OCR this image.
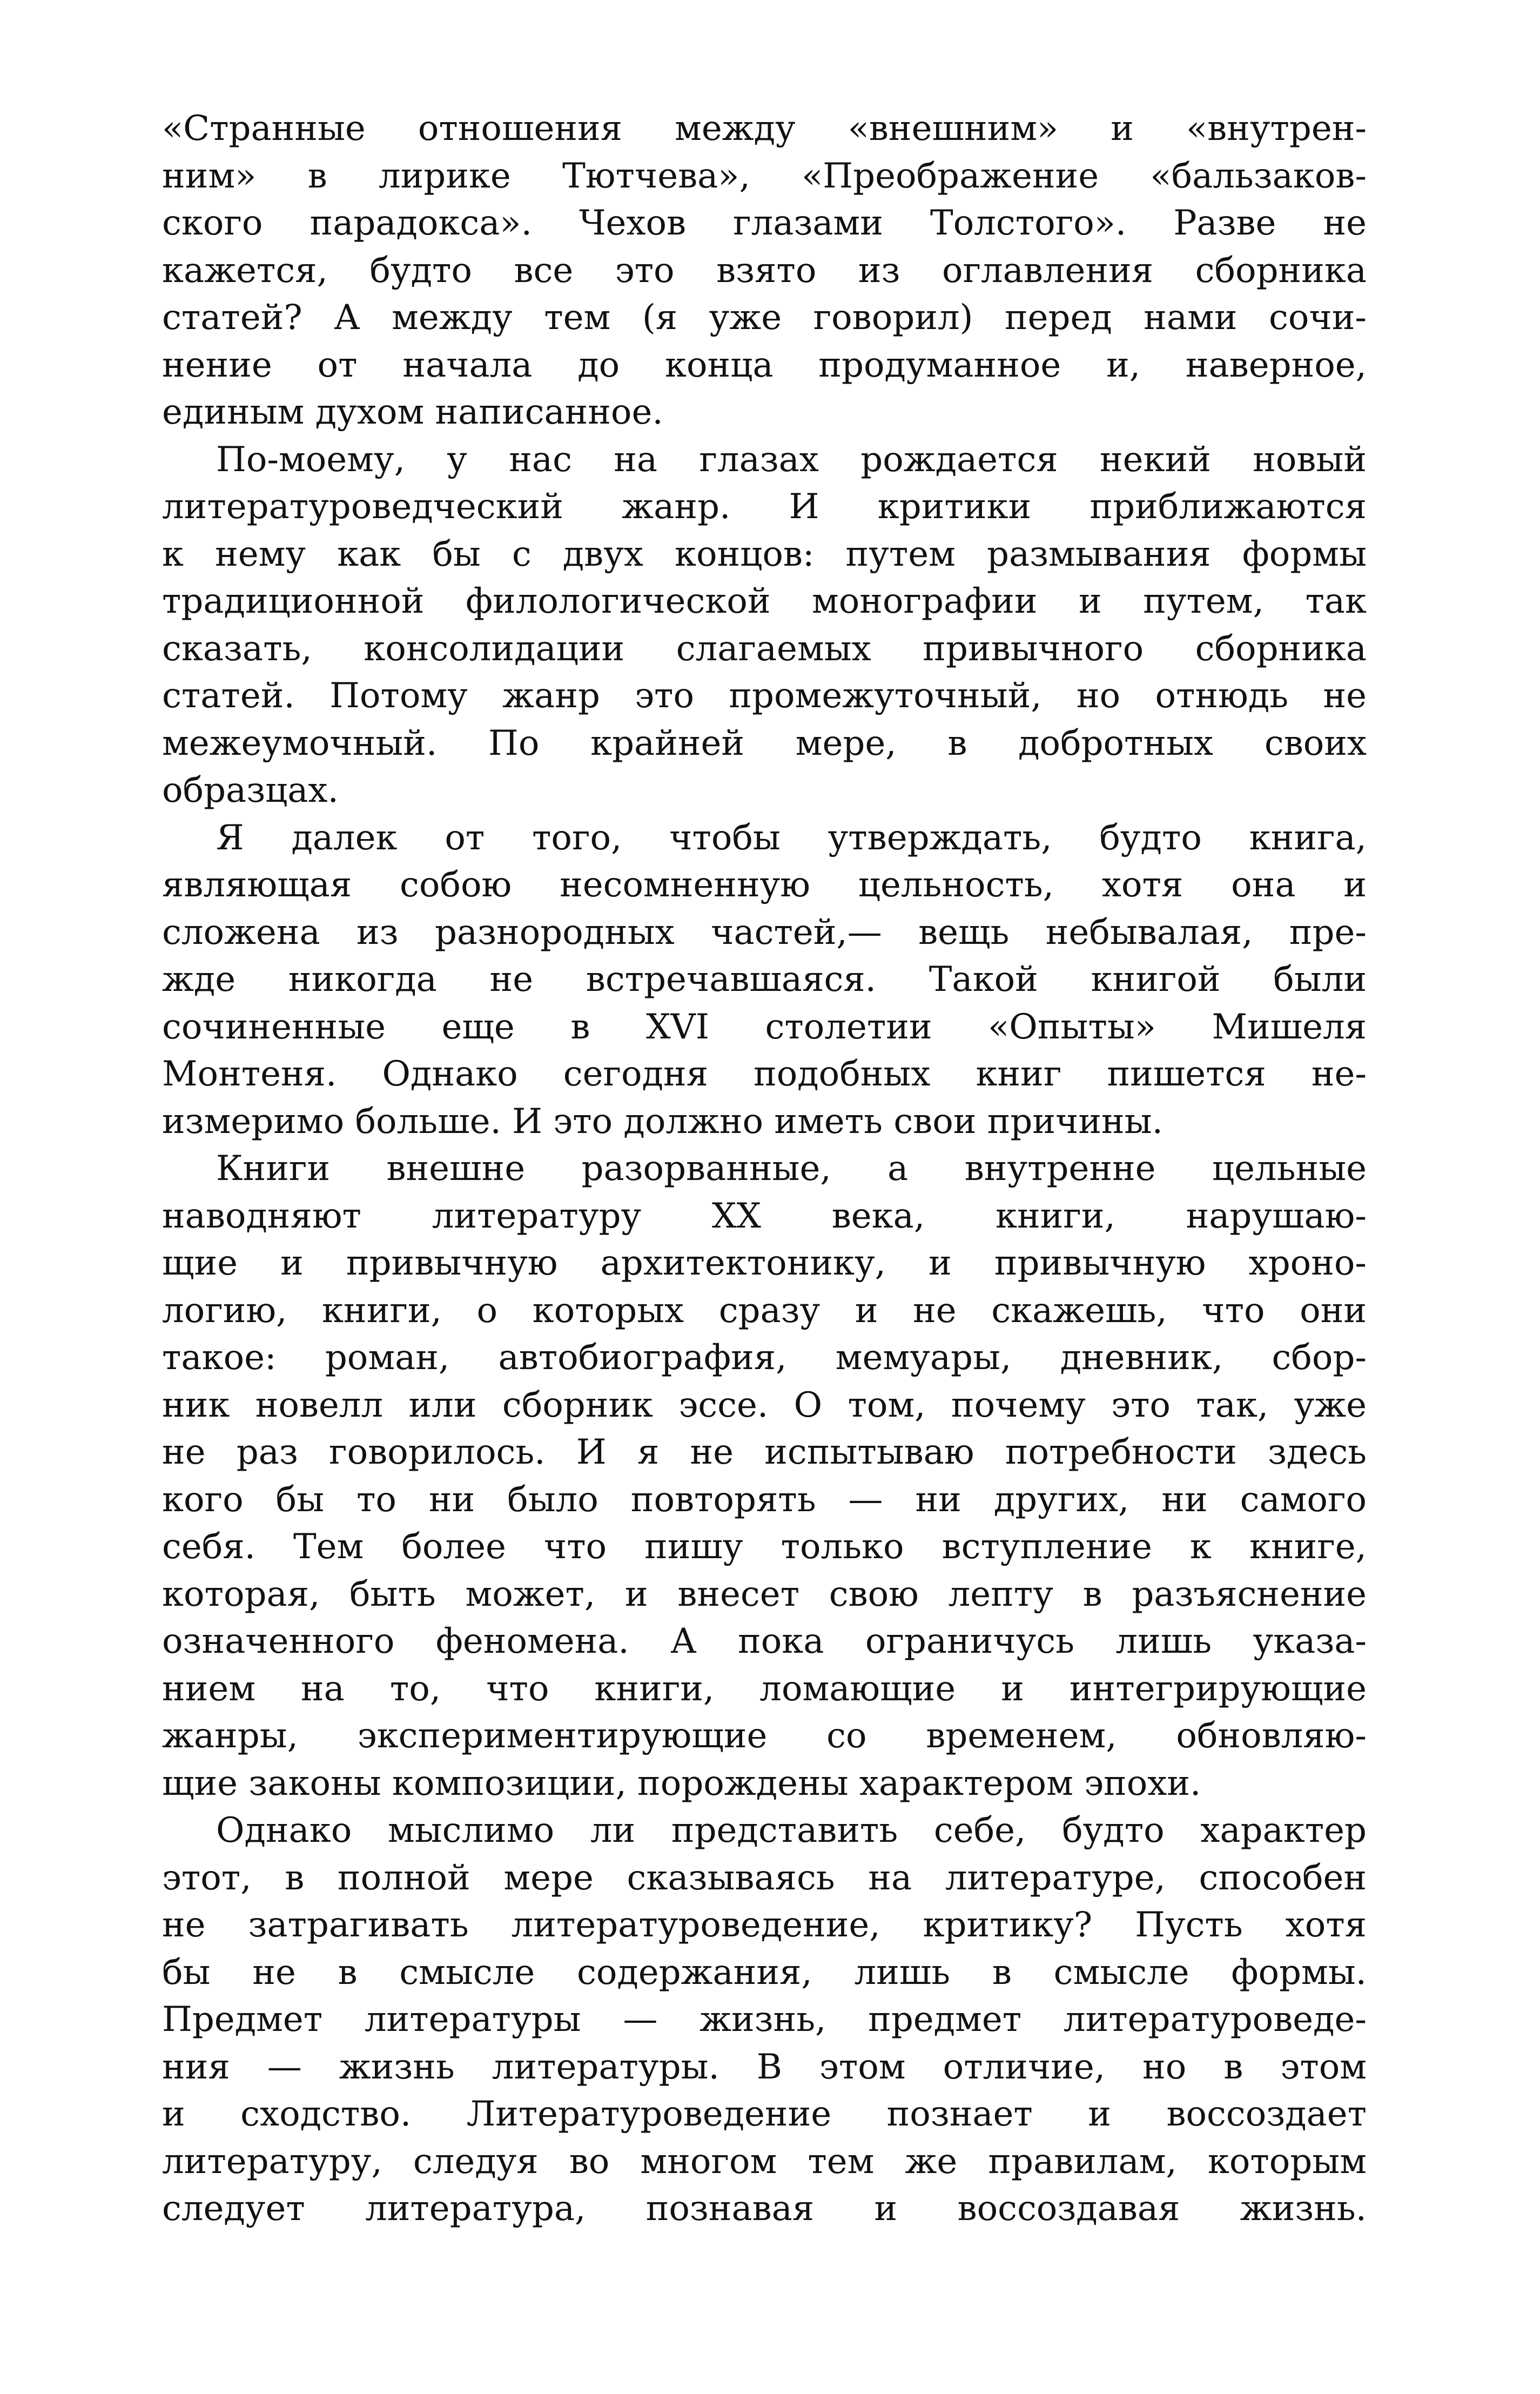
«Странные отношения между «внешним» и «внутрен-
ним» в лирике Тютчева», «Преображение «бальзаков-
ского парадокса». Чехов глазами Толстого». Разве не
кажется, будто все это взято из оглавления сборника
статей? А между тем (я уже говорил) перед нами сочи-
нение от начала до конца продуманное и, наверное,
единым духом написанное.
По-моему, у нас на глазах рождается некий новый
литературоведческий жанр. И критики приближаются
к нему как бы с двух концов: путем размывания формы
традиционной филологической монографии и путем, так
сказать, консолидации слагаемых привычного сборника
статей. Потому жанр это промежуточный, но отнюдь не
межеумочный. По крайней мере, в добротных своих
образцах.
Я далек от того, чтобы утверждать, будто книга,
являющая собою несомненную цельность, хотя она и
сложена из разнородных частей,— вещь небывалая, пре-
жде никогда не встречавшаяся. Такой книгой были
сочиненные еще в XVI столетии «Опыты» Мишеля
Монтеня. Однако сегодня подобных книг пишется не-
измеримо больше. И это должно иметь свои причины.
Книги внешне разорванные, а внутренне цельные
наводняют литературу XX века, книги, нарушаю-
щие и привычную архитектонику, и привычную хроно-
логию, книги, о которых сразу и не скажешь, что они
такое: роман, автобиография, мемуары, дневник, сбор-
ник новелл или сборник эссе. О том, почему это так, уже
не раз говорилось. И я не испытываю потребности здесь
кого бы то ни было повторять — ни других, ни самого
себя. Тем более что пишу только вступление к книге,
которая, быть может, и внесет свою лепту в разъяснение
означенного феномена. А пока ограничусь лишь указа-
нием на то, что книги, ломающие и интегрирующие
жанры, экспериментирующие со временем, обновляю-
щие законы композиции, порождены характером эпохи.
Однако мыслимо ли представить себе, будто характер
этот, в полной мере сказываясь на литературе, способен
не затрагивать литературоведение, критику? Пусть хотя
бы не в смысле содержания, лишь в смысле формы.
Предмет литературы — жизнь, предмет литературоведе-
ния — жизнь литературы. В этом отличие, но в этом
и сходство. Литературоведение познает и воссоздает
литературу, следуя во многом тем же правилам, которым
следует литература, познавая и воссоздавая жизнь.
